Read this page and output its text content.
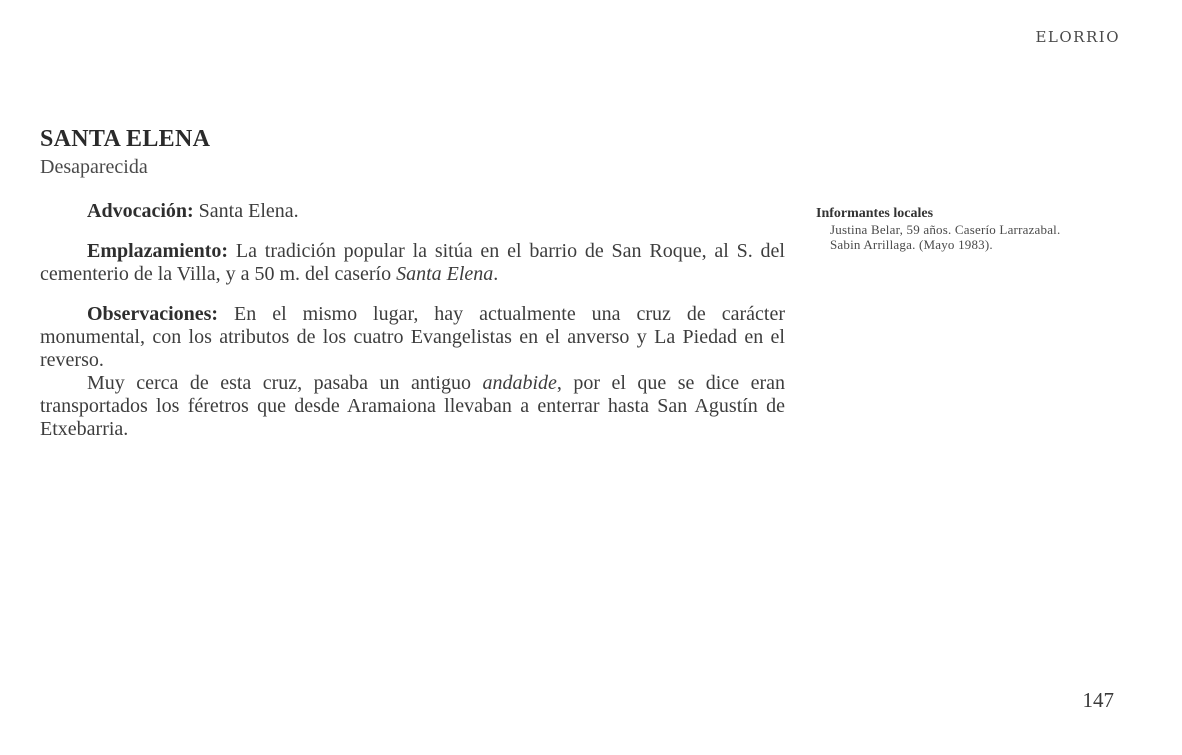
ELORRIO
SANTA ELENA
Desaparecida

Advocación: Santa Elena.

Emplazamiento: La tradición popular la sitúa en el barrio de San Roque, al S. del cementerio de la Villa, y a 50 m. del caserío Santa Elena.

Observaciones: En el mismo lugar, hay actualmente una cruz de carácter monumental, con los atributos de los cuatro Evangelistas en el anverso y La Piedad en el reverso.

Muy cerca de esta cruz, pasaba un antiguo andabide, por el que se dice eran transportados los féretros que desde Aramaiona llevaban a enterrar hasta San Agustín de Etxebarria.

Informantes locales
Justina Belar, 59 años. Caserío Larrazabal. Sabin Arrillaga. (Mayo 1983).
147
